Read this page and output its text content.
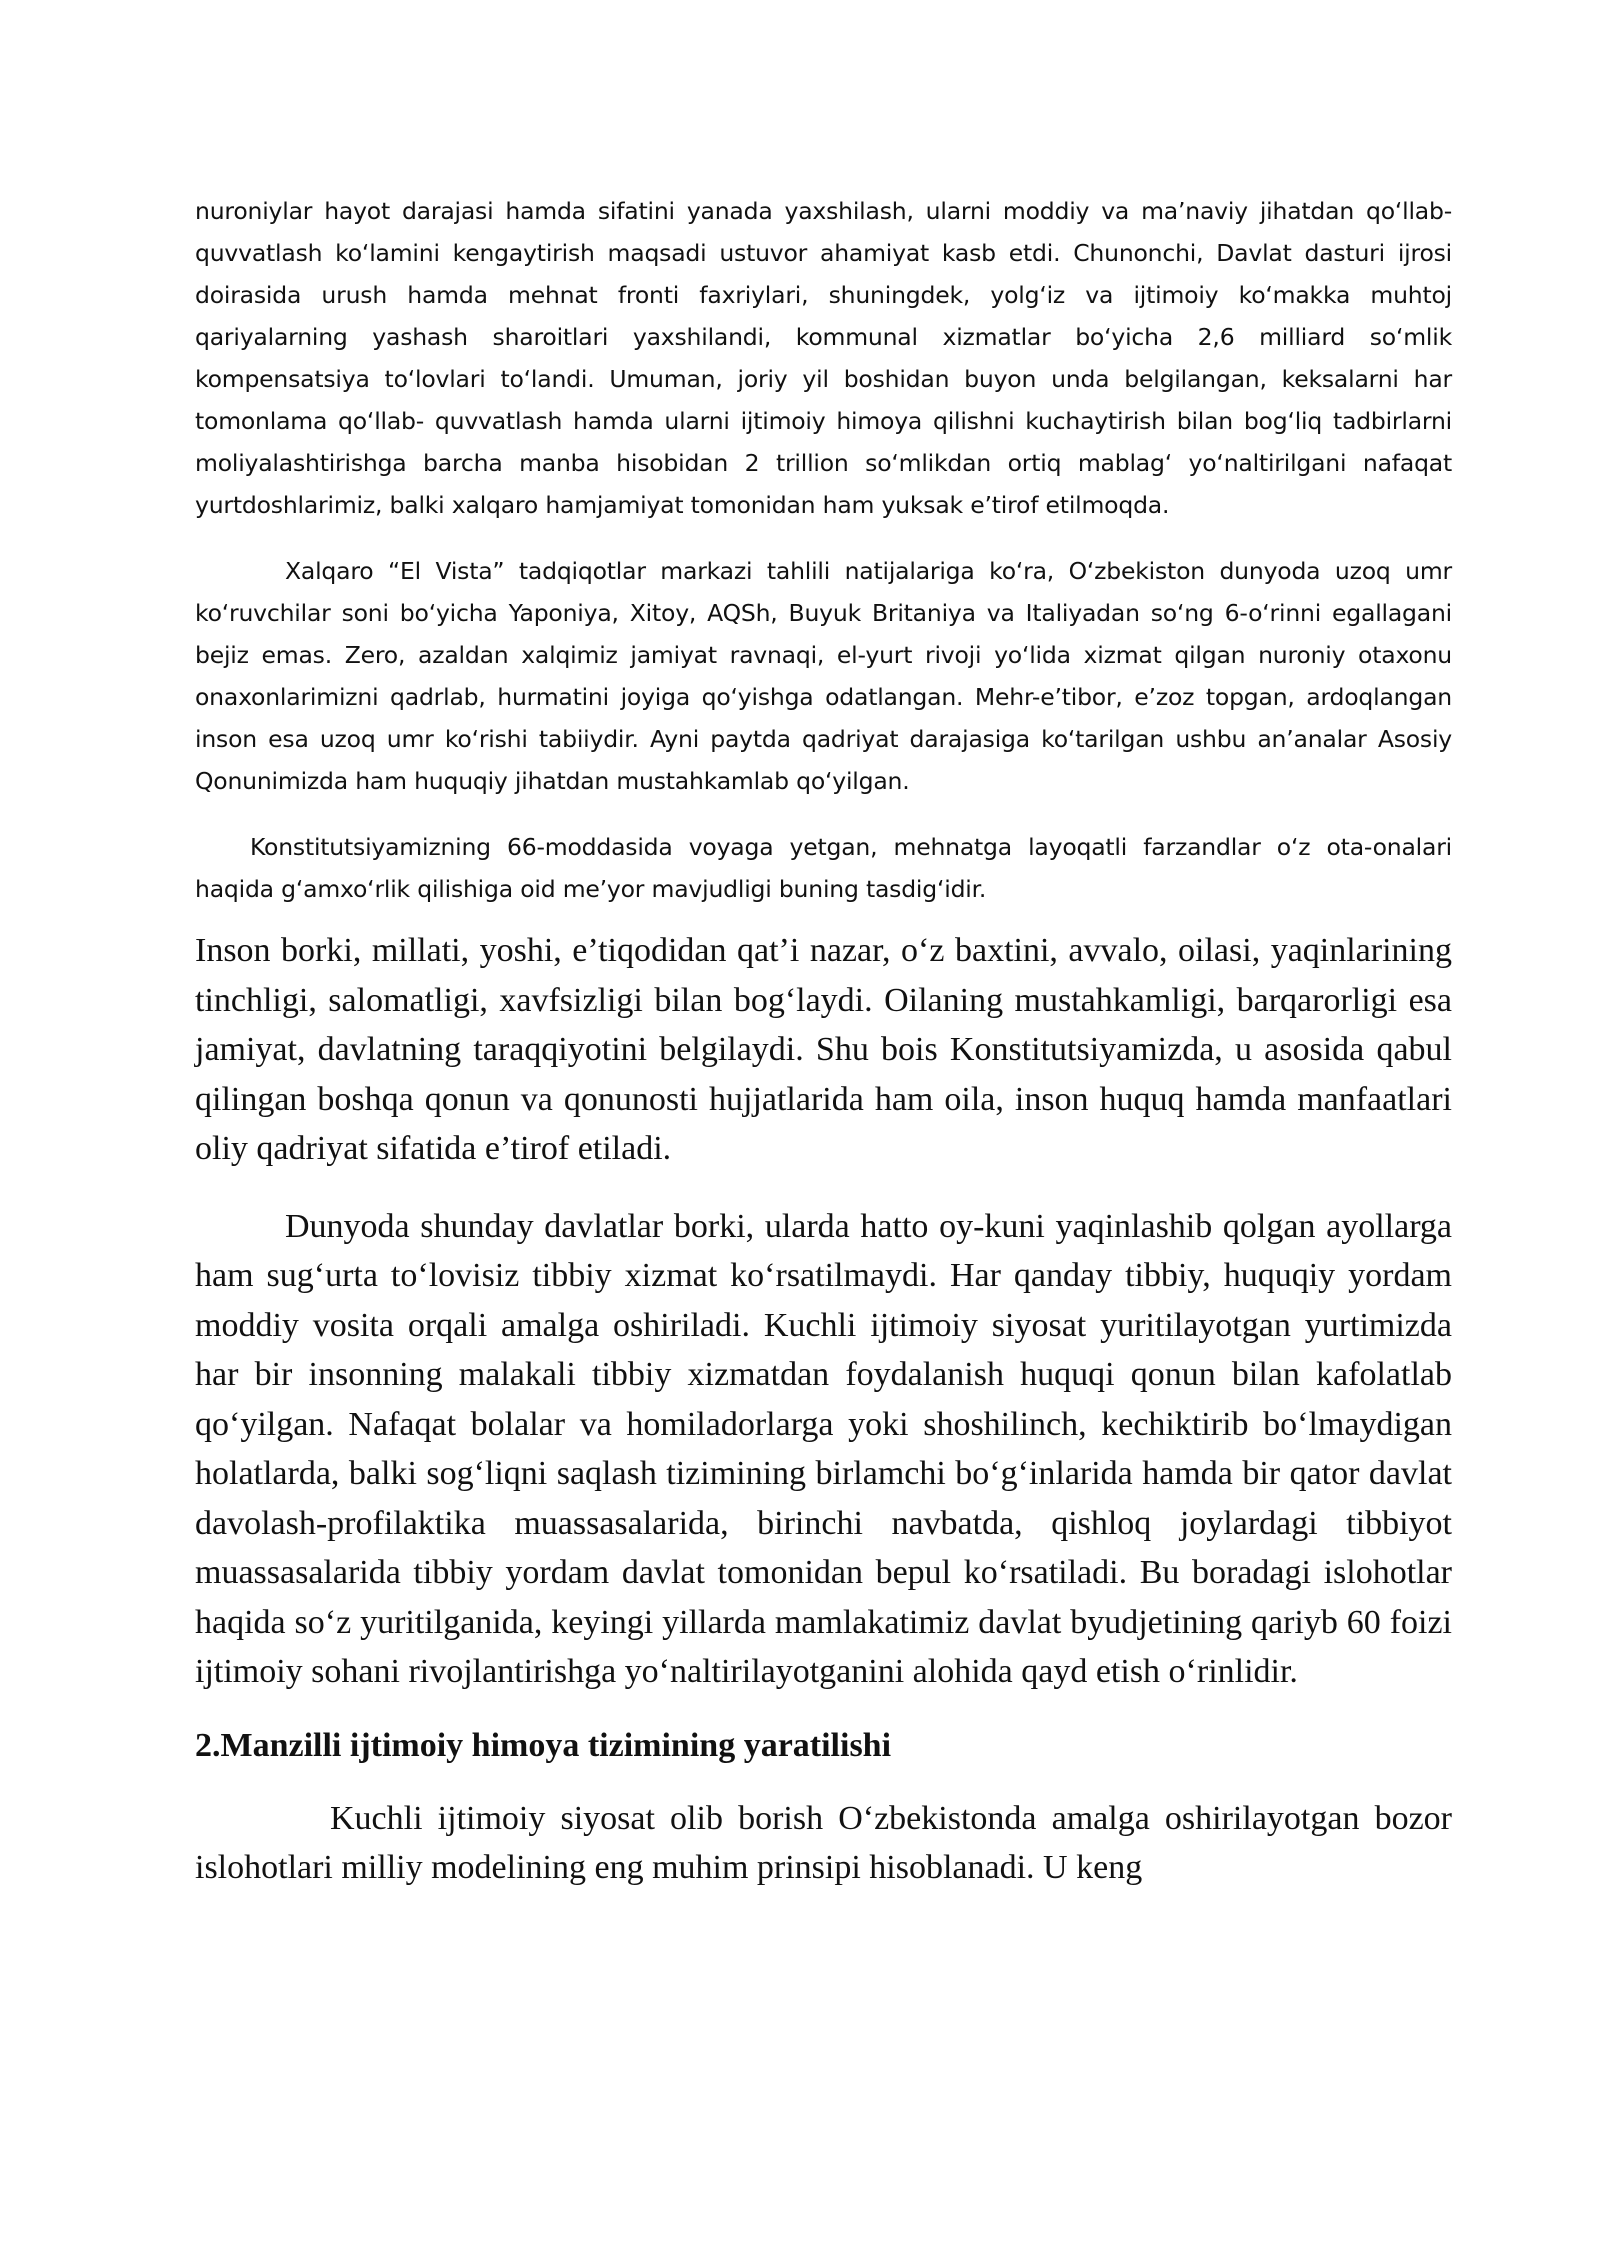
nuroniylar hayot darajasi hamda sifatini yanada yaxshilash, ularni moddiy va ma’naviy jihatdan qo‘llab-quvvatlash ko‘lamini kengaytirish maqsadi ustuvor ahamiyat kasb etdi. Chunonchi, Davlat dasturi ijrosi doirasida urush hamda mehnat fronti faxriylari, shuningdek, yolg‘iz va ijtimoiy ko‘makka muhtoj qariyalarning yashash sharoitlari yaxshilandi, kommunal xizmatlar bo‘yicha 2,6 milliard so‘mlik kompensatsiya to‘lovlari to‘landi. Umuman, joriy yil boshidan buyon unda belgilangan, keksalarni har tomonlama qo‘llab- quvvatlash hamda ularni ijtimoiy himoya qilishni kuchaytirish bilan bog‘liq tadbirlarni moliyalashtirishga barcha manba hisobidan 2 trillion so‘mlikdan ortiq mablag‘ yo‘naltirilgani nafaqat yurtdoshlarimiz, balki xalqaro hamjamiyat tomonidan ham yuksak e’tirof etilmoqda.

Xalqaro “El Vista” tadqiqotlar markazi tahlili natijalariga ko‘ra, O‘zbekiston dunyoda uzoq umr ko‘ruvchilar soni bo‘yicha Yaponiya, Xitoy, AQSh, Buyuk Britaniya va Italiyadan so‘ng 6-o‘rinni egallagani bejiz emas. Zero, azaldan xalqimiz jamiyat ravnaqi, el-yurt rivoji yo‘lida xizmat qilgan nuroniy otaxonu onaxonlarimizni qadrlab, hurmatini joyiga qo‘yishga odatlangan. Mehr-e’tibor, e’zoz topgan, ardoqlangan inson esa uzoq umr ko‘rishi tabiiydir. Ayni paytda qadriyat darajasiga ko‘tarilgan ushbu an’analar Asosiy Qonunimizda ham huquqiy jihatdan mustahkamlab qo‘yilgan.

Konstitutsiyamizning 66-moddasida voyaga yetgan, mehnatga layoqatli farzandlar o‘z ota-onalari haqida g‘amxo‘rlik qilishiga oid me’yor mavjudligi buning tasdig‘idir.

Inson borki, millati, yoshi, e’tiqodidan qat’i nazar, o‘z baxtini, avvalo, oilasi, yaqinlarining tinchligi, salomatligi, xavfsizligi bilan bog‘laydi. Oilaning mustahkamligi, barqarorligi esa jamiyat, davlatning taraqqiyotini belgilaydi. Shu bois Konstitutsiyamizda, u asosida qabul qilingan boshqa qonun va qonunosti hujjatlarida ham oila, inson huquq hamda manfaatlari oliy qadriyat sifatida e’tirof etiladi.

Dunyoda shunday davlatlar borki, ularda hatto oy-kuni yaqinlashib qolgan ayollarga ham sug‘urta to‘lovisiz tibbiy xizmat ko‘rsatilmaydi. Har qanday tibbiy, huquqiy yordam moddiy vosita orqali amalga oshiriladi. Kuchli ijtimoiy siyosat yuritilayotgan yurtimizda har bir insonning malakali tibbiy xizmatdan foydalanish huquqi qonun bilan kafolatlab qo‘yilgan. Nafaqat bolalar va homiladorlarga yoki shoshilinch, kechiktirib bo‘lmaydigan holatlarda, balki sog‘liqni saqlash tizimining birlamchi bo‘g‘inlarida hamda bir qator davlat davolash-profilaktika muassasalarida, birinchi navbatda, qishloq joylardagi tibbiyot muassasalarida tibbiy yordam davlat tomonidan bepul ko‘rsatiladi. Bu boradagi islohotlar haqida so‘z yuritilganida, keyingi yillarda mamlakatimiz davlat byudjetining qariyb 60 foizi ijtimoiy sohani rivojlantirishga yo‘naltirilayotganini alohida qayd etish o‘rinlidir.

2.Manzilli ijtimoiy himoya tizimining yaratilishi

Kuchli ijtimoiy siyosat olib borish O‘zbekistonda amalga oshirilayotgan bozor islohotlari milliy modelining eng muhim prinsipi hisoblanadi. U keng
